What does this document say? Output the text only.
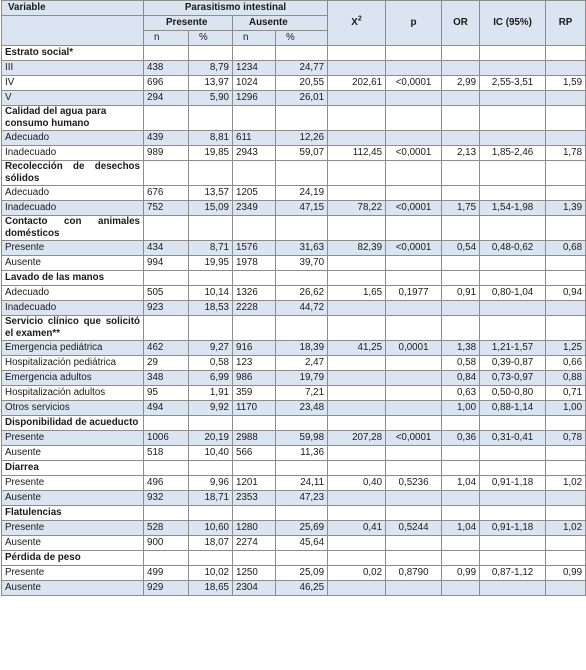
Variable	Parasitismo intestinal				$X^2$	p	OR	IC (95%)	RP
	Presente		Ausente						
	n	%	n	%					
Estrato social*									
III	438	8,79	1234	24,77					
IV	696	13,97	1024	20,55	202,61	<0,0001	2,99	2,55-3,51	1,59
V	294	5,90	1296	26,01					
Calidad del agua para consumo humano									
Adecuado	439	8,81	611	12,26					
Inadecuado	989	19,85	2943	59,07	112,45	<0,0001	2,13	1,85-2,46	1,78
Recolección de desechos sólidos									
Adecuado	676	13,57	1205	24,19					
Inadecuado	752	15,09	2349	47,15	78,22	<0,0001	1,75	1,54-1,98	1,39
Contacto con animales domésticos									
Presente	434	8,71	1576	31,63	82,39	<0,0001	0,54	0,48-0,62	0,68
Ausente	994	19,95	1978	39,70					
Lavado de las manos									
Adecuado	505	10,14	1326	26,62	1,65	0,1977	0,91	0,80-1,04	0,94
Inadecuado	923	18,53	2228	44,72					
Servicio clínico que solicitó el examen**									
Emergencia pediátrica	462	9,27	916	18,39	41,25	0,0001	1,38	1,21-1,57	1,25
Hospitalización pediátrica	29	0,58	123	2,47			0,58	0,39-0,87	0,66
Emergencia adultos	348	6,99	986	19,79			0,84	0,73-0,97	0,88
Hospitalización adultos	95	1,91	359	7,21			0,63	0,50-0,80	0,71
Otros servicios	494	9,92	1170	23,48			1,00	0,88-1,14	1,00
Disponibilidad de acueducto									
Presente	1006	20,19	2988	59,98	207,28	<0,0001	0,36	0,31-0,41	0,78
Ausente	518	10,40	566	11,36					
Diarrea									
Presente	496	9,96	1201	24,11	0,40	0,5236	1,04	0,91-1,18	1,02
Ausente	932	18,71	2353	47,23					
Flatulencias									
Presente	528	10,60	1280	25,69	0,41	0,5244	1,04	0,91-1,18	1,02
Ausente	900	18,07	2274	45,64					
Pérdida de peso									
Presente	499	10,02	1250	25,09	0,02	0,8790	0,99	0,87-1,12	0,99
Ausente	929	18,65	2304	46,25					
